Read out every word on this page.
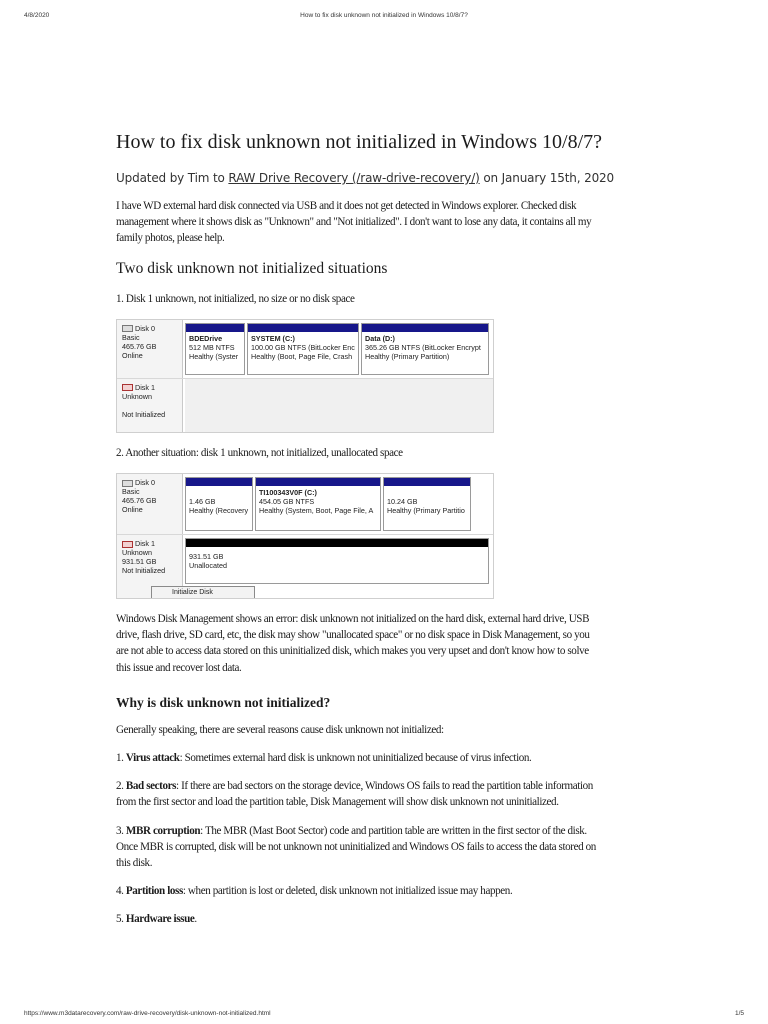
4/8/2020	How to fix disk unknown not initialized in Windows 10/8/7?
How to fix disk unknown not initialized in Windows 10/8/7?
Updated by Tim to RAW Drive Recovery (/raw-drive-recovery/) on January 15th, 2020

I have WD external hard disk connected via USB and it does not get detected in Windows explorer. Checked disk management where it shows disk as "Unknown" and "Not initialized". I don't want to lose any data, it contains all my family photos, please help.

Two disk unknown not initialized situations

1. Disk 1 unknown, not initialized, no size or no disk space

Disk 0
Basic
465.76 GB
Online
BDEDrive
512 MB NTFS
Healthy (Syster
SYSTEM (C:)
100.00 GB NTFS (BitLocker Enc
Healthy (Boot, Page File, Crash
Data (D:)
365.26 GB NTFS (BitLocker Encrypt
Healthy (Primary Partition)
Disk 1
Unknown
Not Initialized

2. Another situation: disk 1 unknown, not initialized, unallocated space

Disk 0
Basic
465.76 GB
Online

1.46 GB
Healthy (Recovery
TI100343V0F (C:)
454.05 GB NTFS
Healthy (System, Boot, Page File, A

10.24 GB
Healthy (Primary Partitio
Disk 1
Unknown
931.51 GB
Not Initialized
931.51 GB
Unallocated
Initialize Disk

Windows Disk Management shows an error: disk unknown not initialized on the hard disk, external hard drive, USB drive, flash drive, SD card, etc, the disk may show "unallocated space" or no disk space in Disk Management, so you are not able to access data stored on this uninitialized disk, which makes you very upset and don't know how to solve this issue and recover lost data.

Why is disk unknown not initialized?

Generally speaking, there are several reasons cause disk unknown not initialized:

1. Virus attack: Sometimes external hard disk is unknown not uninitialized because of virus infection.

2. Bad sectors: If there are bad sectors on the storage device, Windows OS fails to read the partition table information from the first sector and load the partition table, Disk Management will show disk unknown not uninitialized.

3. MBR corruption: The MBR (Mast Boot Sector) code and partition table are written in the first sector of the disk. Once MBR is corrupted, disk will be not unknown not uninitialized and Windows OS fails to access the data stored on this disk.

4. Partition loss: when partition is lost or deleted, disk unknown not initialized issue may happen.

5. Hardware issue.

https://www.m3datarecovery.com/raw-drive-recovery/disk-unknown-not-initialized.html	1/5
